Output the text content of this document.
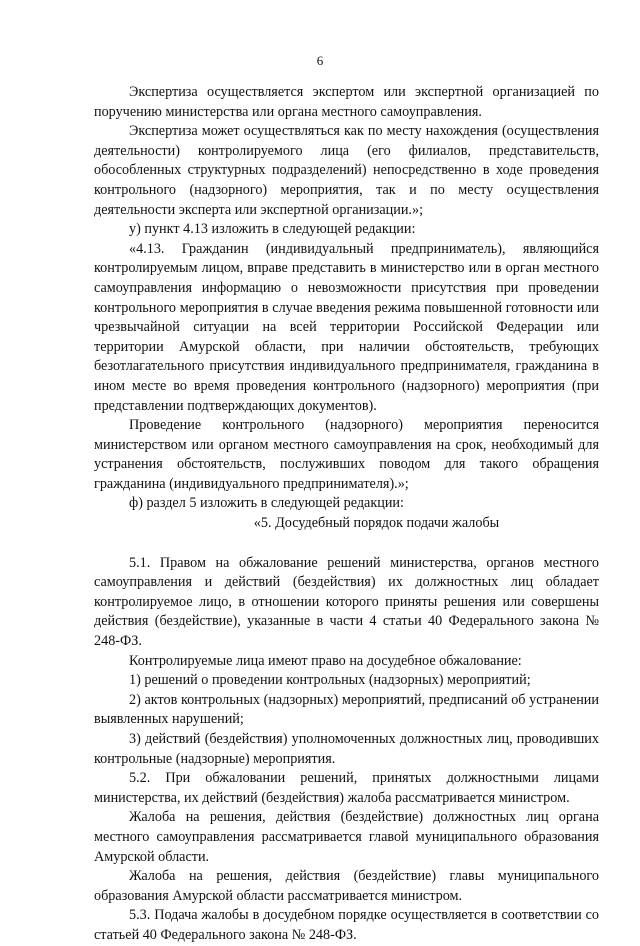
6

Экспертиза осуществляется экспертом или экспертной организацией по поручению министерства или органа местного самоуправления.

Экспертиза может осуществляться как по месту нахождения (осуществления деятельности) контролируемого лица (его филиалов, представительств, обособленных структурных подразделений) непосредственно в ходе проведения контрольного (надзорного) мероприятия, так и по месту осуществления деятельности эксперта или экспертной организации.»;

у) пункт 4.13 изложить в следующей редакции:

«4.13. Гражданин (индивидуальный предприниматель), являющийся контролируемым лицом, вправе представить в министерство или в орган местного самоуправления информацию о невозможности присутствия при проведении контрольного мероприятия в случае введения режима повышенной готовности или чрезвычайной ситуации на всей территории Российской Федерации или территории Амурской области, при наличии обстоятельств, требующих безотлагательного присутствия индивидуального предпринимателя, гражданина в ином месте во время проведения контрольного (надзорного) мероприятия (при представлении подтверждающих документов).

Проведение контрольного (надзорного) мероприятия переносится министерством или органом местного самоуправления на срок, необходимый для устранения обстоятельств, послуживших поводом для такого обращения гражданина (индивидуального предпринимателя).»;

ф) раздел 5 изложить в следующей редакции:

«5. Досудебный порядок подачи жалобы

5.1. Правом на обжалование решений министерства, органов местного самоуправления и действий (бездействия) их должностных лиц обладает контролируемое лицо, в отношении которого приняты решения или совершены действия (бездействие), указанные в части 4 статьи 40 Федерального закона № 248-ФЗ.

Контролируемые лица имеют право на досудебное обжалование:

1) решений о проведении контрольных (надзорных) мероприятий;

2) актов контрольных (надзорных) мероприятий, предписаний об устранении выявленных нарушений;

3) действий (бездействия) уполномоченных должностных лиц, проводивших контрольные (надзорные) мероприятия.

5.2. При обжаловании решений, принятых должностными лицами министерства, их действий (бездействия) жалоба рассматривается министром.

Жалоба на решения, действия (бездействие) должностных лиц органа местного самоуправления рассматривается главой муниципального образования Амурской области.

Жалоба на решения, действия (бездействие) главы муниципального образования Амурской области рассматривается министром.

5.3. Подача жалобы в досудебном порядке осуществляется в соответствии со статьей 40 Федерального закона № 248-ФЗ.
